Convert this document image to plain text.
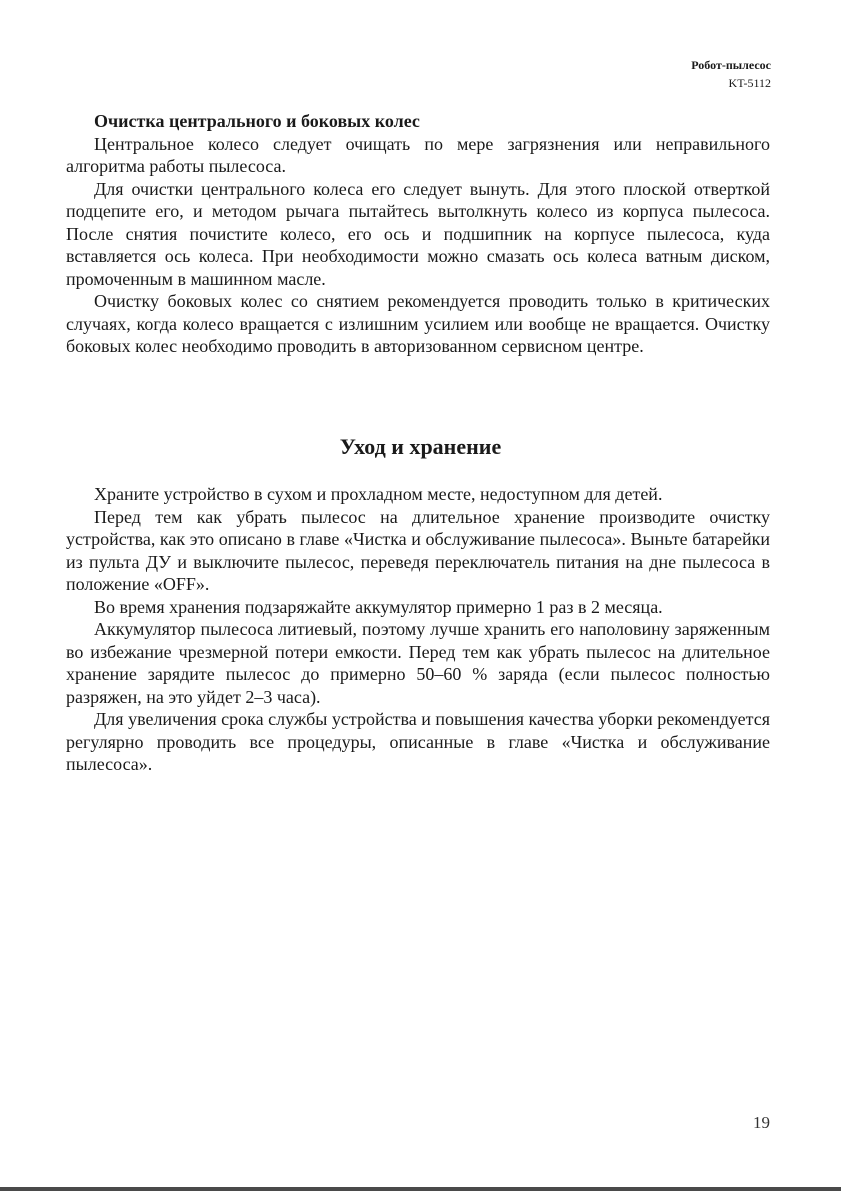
Робот-пылесос
KT-5112
Очистка центрального и боковых колес

Центральное колесо следует очищать по мере загрязнения или неправильного алгоритма работы пылесоса.

Для очистки центрального колеса его следует вынуть. Для этого плоской отверткой подцепите его, и методом рычага пытайтесь вытолкнуть колесо из корпуса пылесоса. После снятия почистите колесо, его ось и подшипник на корпусе пылесоса, куда вставляется ось колеса. При необходимости можно смазать ось колеса ватным диском, промоченным в машинном масле.

Очистку боковых колес со снятием рекомендуется проводить только в критических случаях, когда колесо вращается с излишним усилием или вообще не вращается. Очистку боковых колес необходимо проводить в авторизованном сервисном центре.

Уход и хранение

Храните устройство в сухом и прохладном месте, недоступном для детей.

Перед тем как убрать пылесос на длительное хранение производите очистку устройства, как это описано в главе «Чистка и обслуживание пылесоса». Выньте батарейки из пульта ДУ и выключите пылесос, переведя переключатель питания на дне пылесоса в положение «OFF».

Во время хранения подзаряжайте аккумулятор примерно 1 раз в 2 месяца.

Аккумулятор пылесоса литиевый, поэтому лучше хранить его наполовину заряженным во избежание чрезмерной потери емкости. Перед тем как убрать пылесос на длительное хранение зарядите пылесос до примерно 50–60 % заряда (если пылесос полностью разряжен, на это уйдет 2–3 часа).

Для увеличения срока службы устройства и повышения качества уборки рекомендуется регулярно проводить все процедуры, описанные в главе «Чистка и обслуживание пылесоса».

19
